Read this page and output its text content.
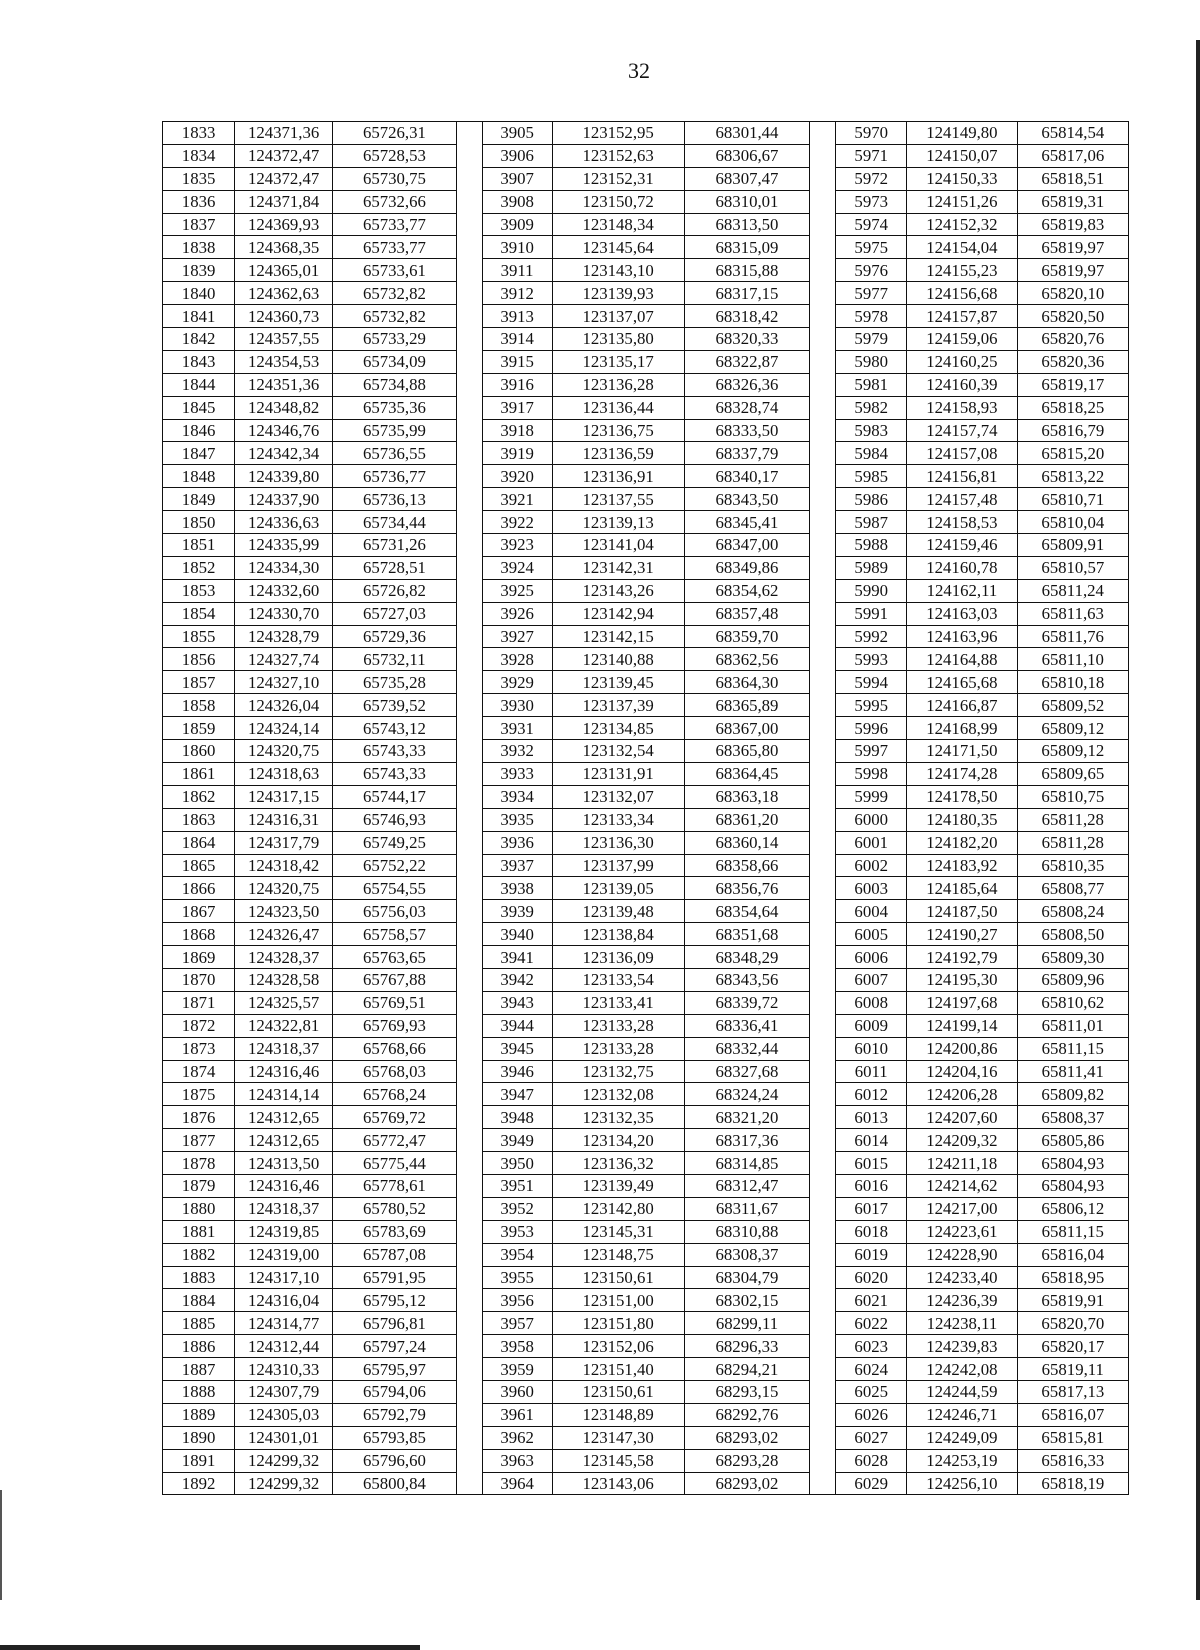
32
1833	124371,36	65726,31		3905	123152,95	68301,44		5970	124149,80	65814,54
1834	124372,47	65728,53		3906	123152,63	68306,67		5971	124150,07	65817,06
1835	124372,47	65730,75		3907	123152,31	68307,47		5972	124150,33	65818,51
1836	124371,84	65732,66		3908	123150,72	68310,01		5973	124151,26	65819,31
1837	124369,93	65733,77		3909	123148,34	68313,50		5974	124152,32	65819,83
1838	124368,35	65733,77		3910	123145,64	68315,09		5975	124154,04	65819,97
1839	124365,01	65733,61		3911	123143,10	68315,88		5976	124155,23	65819,97
1840	124362,63	65732,82		3912	123139,93	68317,15		5977	124156,68	65820,10
1841	124360,73	65732,82		3913	123137,07	68318,42		5978	124157,87	65820,50
1842	124357,55	65733,29		3914	123135,80	68320,33		5979	124159,06	65820,76
1843	124354,53	65734,09		3915	123135,17	68322,87		5980	124160,25	65820,36
1844	124351,36	65734,88		3916	123136,28	68326,36		5981	124160,39	65819,17
1845	124348,82	65735,36		3917	123136,44	68328,74		5982	124158,93	65818,25
1846	124346,76	65735,99		3918	123136,75	68333,50		5983	124157,74	65816,79
1847	124342,34	65736,55		3919	123136,59	68337,79		5984	124157,08	65815,20
1848	124339,80	65736,77		3920	123136,91	68340,17		5985	124156,81	65813,22
1849	124337,90	65736,13		3921	123137,55	68343,50		5986	124157,48	65810,71
1850	124336,63	65734,44		3922	123139,13	68345,41		5987	124158,53	65810,04
1851	124335,99	65731,26		3923	123141,04	68347,00		5988	124159,46	65809,91
1852	124334,30	65728,51		3924	123142,31	68349,86		5989	124160,78	65810,57
1853	124332,60	65726,82		3925	123143,26	68354,62		5990	124162,11	65811,24
1854	124330,70	65727,03		3926	123142,94	68357,48		5991	124163,03	65811,63
1855	124328,79	65729,36		3927	123142,15	68359,70		5992	124163,96	65811,76
1856	124327,74	65732,11		3928	123140,88	68362,56		5993	124164,88	65811,10
1857	124327,10	65735,28		3929	123139,45	68364,30		5994	124165,68	65810,18
1858	124326,04	65739,52		3930	123137,39	68365,89		5995	124166,87	65809,52
1859	124324,14	65743,12		3931	123134,85	68367,00		5996	124168,99	65809,12
1860	124320,75	65743,33		3932	123132,54	68365,80		5997	124171,50	65809,12
1861	124318,63	65743,33		3933	123131,91	68364,45		5998	124174,28	65809,65
1862	124317,15	65744,17		3934	123132,07	68363,18		5999	124178,50	65810,75
1863	124316,31	65746,93		3935	123133,34	68361,20		6000	124180,35	65811,28
1864	124317,79	65749,25		3936	123136,30	68360,14		6001	124182,20	65811,28
1865	124318,42	65752,22		3937	123137,99	68358,66		6002	124183,92	65810,35
1866	124320,75	65754,55		3938	123139,05	68356,76		6003	124185,64	65808,77
1867	124323,50	65756,03		3939	123139,48	68354,64		6004	124187,50	65808,24
1868	124326,47	65758,57		3940	123138,84	68351,68		6005	124190,27	65808,50
1869	124328,37	65763,65		3941	123136,09	68348,29		6006	124192,79	65809,30
1870	124328,58	65767,88		3942	123133,54	68343,56		6007	124195,30	65809,96
1871	124325,57	65769,51		3943	123133,41	68339,72		6008	124197,68	65810,62
1872	124322,81	65769,93		3944	123133,28	68336,41		6009	124199,14	65811,01
1873	124318,37	65768,66		3945	123133,28	68332,44		6010	124200,86	65811,15
1874	124316,46	65768,03		3946	123132,75	68327,68		6011	124204,16	65811,41
1875	124314,14	65768,24		3947	123132,08	68324,24		6012	124206,28	65809,82
1876	124312,65	65769,72		3948	123132,35	68321,20		6013	124207,60	65808,37
1877	124312,65	65772,47		3949	123134,20	68317,36		6014	124209,32	65805,86
1878	124313,50	65775,44		3950	123136,32	68314,85		6015	124211,18	65804,93
1879	124316,46	65778,61		3951	123139,49	68312,47		6016	124214,62	65804,93
1880	124318,37	65780,52		3952	123142,80	68311,67		6017	124217,00	65806,12
1881	124319,85	65783,69		3953	123145,31	68310,88		6018	124223,61	65811,15
1882	124319,00	65787,08		3954	123148,75	68308,37		6019	124228,90	65816,04
1883	124317,10	65791,95		3955	123150,61	68304,79		6020	124233,40	65818,95
1884	124316,04	65795,12		3956	123151,00	68302,15		6021	124236,39	65819,91
1885	124314,77	65796,81		3957	123151,80	68299,11		6022	124238,11	65820,70
1886	124312,44	65797,24		3958	123152,06	68296,33		6023	124239,83	65820,17
1887	124310,33	65795,97		3959	123151,40	68294,21		6024	124242,08	65819,11
1888	124307,79	65794,06		3960	123150,61	68293,15		6025	124244,59	65817,13
1889	124305,03	65792,79		3961	123148,89	68292,76		6026	124246,71	65816,07
1890	124301,01	65793,85		3962	123147,30	68293,02		6027	124249,09	65815,81
1891	124299,32	65796,60		3963	123145,58	68293,28		6028	124253,19	65816,33
1892	124299,32	65800,84		3964	123143,06	68293,02		6029	124256,10	65818,19
